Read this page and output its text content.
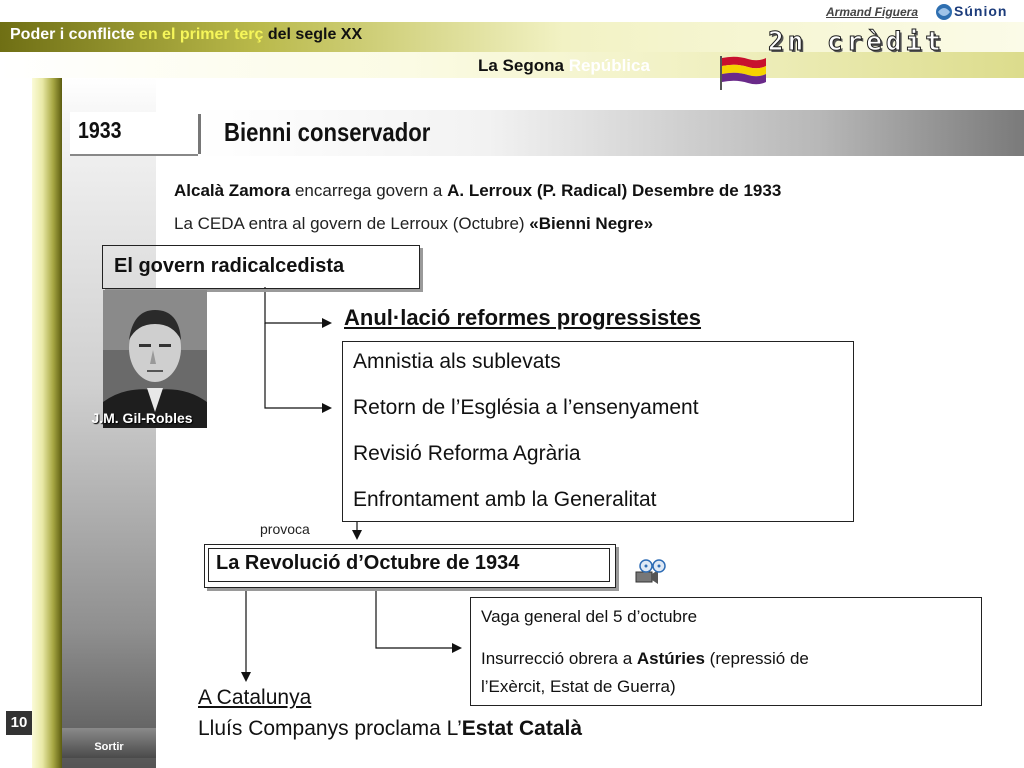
Poder i conflicte en el primer terç del segle XX
La Segona República
Armand Figuera	Súnion
2n crèdit
10
Sortir
1933	Bienni conservador
Alcalà Zamora encarrega govern a A. Lerroux (P. Radical) Desembre de 1933
La CEDA entra al govern de Lerroux (Octubre) «Bienni Negre»
El govern radicalcedista
J.M. Gil-Robles
Anul·lació reformes progressistes
Amnistia als sublevats
Retorn de l’Església a l’ensenyament
Revisió Reforma Agrària
Enfrontament amb la Generalitat
provoca
La Revolució d’Octubre de 1934
Vaga general del 5 d’octubre
Insurrecció obrera a Astúries (repressió de
l’Exèrcit, Estat de Guerra)
A Catalunya
Lluís Companys proclama L’Estat Català
